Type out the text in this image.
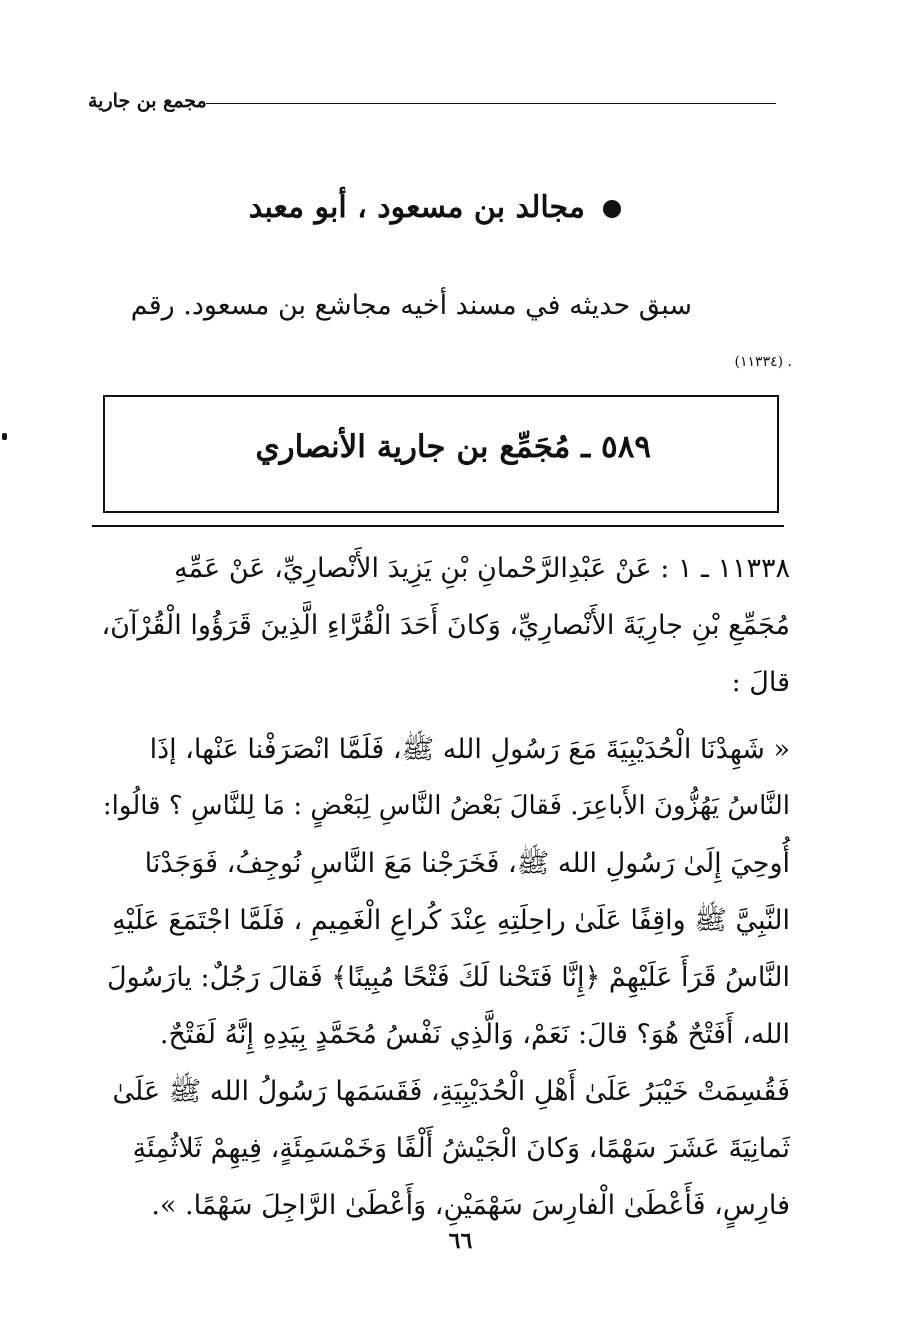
مجمع بن جارية
مجالد بن مسعود ، أبو معبد
سبق حديثه في مسند أخيه مجاشع بن مسعود. رقم
. (١١٣٣٤)
٥٨٩ ـ مُجَمِّع بن جارية الأنصاري
١١٣٣٨ ـ ١ : عَنْ عَبْدِالرَّحْمانِ بْنِ يَزِيدَ الأَنْصارِيِّ، عَنْ عَمِّهِ
مُجَمِّعِ بْنِ جارِيَةَ الأَنْصارِيِّ، وَكانَ أَحَدَ الْقُرَّاءِ الَّذِينَ قَرَؤُوا الْقُرْآنَ،
قالَ :
« شَهِدْنَا الْحُدَيْبِيَةَ مَعَ رَسُولِ الله ﷺ، فَلَمَّا انْصَرَفْنا عَنْها، إذَا
النَّاسُ يَهُزُّونَ الأَباعِرَ. فَقالَ بَعْضُ النَّاسِ لِبَعْضٍ : مَا لِلنَّاسِ ؟ قالُوا:
أُوحِيَ إِلَىٰ رَسُولِ الله ﷺ، فَخَرَجْنا مَعَ النَّاسِ نُوجِفُ، فَوَجَدْنَا
النَّبِيَّ ﷺ واقِفًا عَلَىٰ راحِلَتِهِ عِنْدَ كُراعِ الْغَمِيمِ ، فَلَمَّا اجْتَمَعَ عَلَيْهِ
النَّاسُ قَرَأَ عَلَيْهِمْ ﴿إِنَّا فَتَحْنا لَكَ فَتْحًا مُبِينًا﴾ فَقالَ رَجُلٌ: يارَسُولَ
الله، أَفَتْحٌ هُوَ؟ قالَ: نَعَمْ، وَالَّذِي نَفْسُ مُحَمَّدٍ بِيَدِهِ إِنَّهُ لَفَتْحٌ.
فَقُسِمَتْ خَيْبَرُ عَلَىٰ أَهْلِ الْحُدَيْبِيَةِ، فَقَسَمَها رَسُولُ الله ﷺ عَلَىٰ
ثَمانِيَةَ عَشَرَ سَهْمًا، وَكانَ الْجَيْشُ أَلْفًا وَخَمْسَمِئَةٍ، فِيهِمْ ثَلاثُمِئَةِ
فارِسٍ، فَأَعْطَىٰ الْفارِسَ سَهْمَيْنِ، وَأَعْطَىٰ الرَّاجِلَ سَهْمًا. ».
٦٦
